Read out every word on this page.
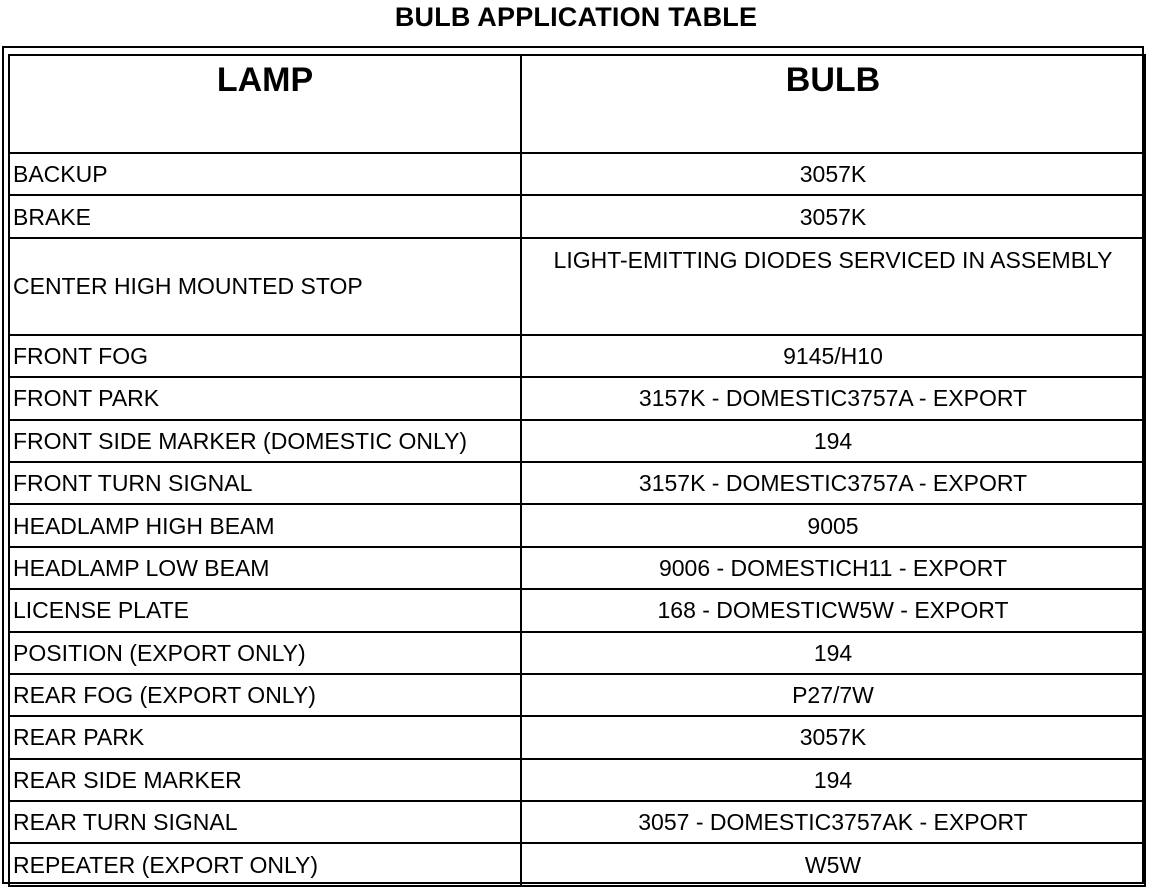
BULB APPLICATION TABLE
LAMP	BULB
BACKUP	3057K
BRAKE	3057K
CENTER HIGH MOUNTED STOP	LIGHT-EMITTING DIODES SERVICED IN ASSEMBLY
FRONT FOG	9145/H10
FRONT PARK	3157K - DOMESTIC3757A - EXPORT
FRONT SIDE MARKER (DOMESTIC ONLY)	194
FRONT TURN SIGNAL	3157K - DOMESTIC3757A - EXPORT
HEADLAMP HIGH BEAM	9005
HEADLAMP LOW BEAM	9006 - DOMESTICH11 - EXPORT
LICENSE PLATE	168 - DOMESTICW5W - EXPORT
POSITION (EXPORT ONLY)	194
REAR FOG (EXPORT ONLY)	P27/7W
REAR PARK	3057K
REAR SIDE MARKER	194
REAR TURN SIGNAL	3057 - DOMESTIC3757AK - EXPORT
REPEATER (EXPORT ONLY)	W5W
